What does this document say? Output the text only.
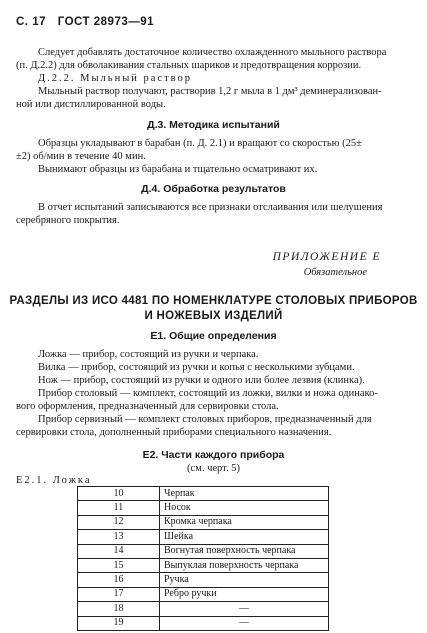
С. 17 ГОСТ 28973—91
Следует добавлять достаточное количество охлажденного мыльного раствора
(п. Д.2.2) для обволакивания стальных шариков и предотвращения коррозии.
Д.2.2. Мыльный раствор
Мыльный раствор получают, растворив 1,2 г мыла в 1 дм³ деминерализован-
ной или дистиллированной воды.
Д.3. Методика испытаний
Образцы укладывают в барабан (п. Д. 2.1) и вращают со скоростью (25±
±2) об/мин в течение 40 мин.
Вынимают образцы из барабана и тщательно осматривают их.
Д.4. Обработка результатов
В отчет испытаний записываются все признаки отслаивания или шелушения
серебряного покрытия.
ПРИЛОЖЕНИЕ Е
Обязательное
РАЗДЕЛЫ ИЗ ИСО 4481 ПО НОМЕНКЛАТУРЕ СТОЛОВЫХ ПРИБОРОВ
И НОЖЕВЫХ ИЗДЕЛИЙ
Е1. Общие определения
Ложка — прибор, состоящий из ручки и черпака.
Вилка — прибор, состоящий из ручки и копья с несколькими зубцами.
Нож — прибор, состоящий из ручки и одного или более лезвия (клинка).
Прибор столовый — комплект, состоящий из ложки, вилки и ножа одинако-
вого оформления, предназначенный для сервировки стола.
Прибор сервизный — комплект столовых приборов, предназначенный для
сервировки стола, дополненный приборами специального назначения.
Е2. Части каждого прибора
(см. черт. 5)
Е2.1. Ложка
10	Черпак
11	Носок
12	Кромка черпака
13	Шейка
14	Вогнутая поверхность черпака
15	Выпуклая поверхность черпака
16	Ручка
17	Ребро ручки
18	—
19	—
